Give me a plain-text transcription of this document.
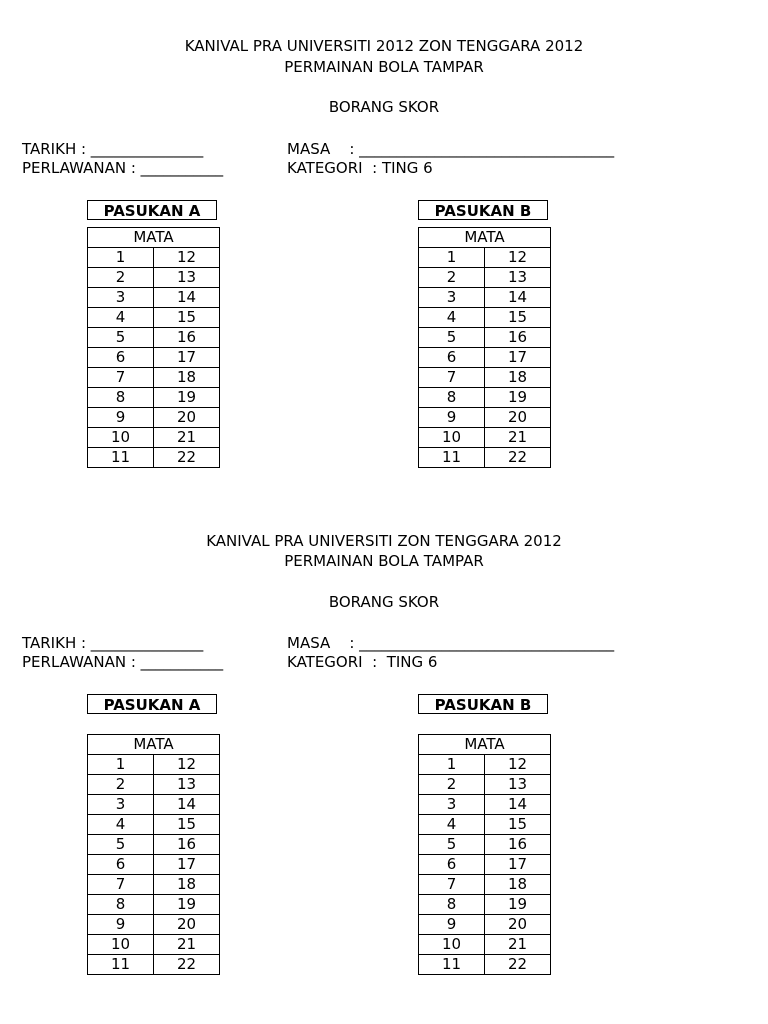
KANIVAL PRA UNIVERSITI 2012 ZON TENGGARA 2012
PERMAINAN BOLA TAMPAR
BORANG SKOR
TARIKH : _______________	MASA    : __________________________________
PERLAWANAN : ___________	KATEGORI  : TING 6
PASUKAN A	PASUKAN B
MATA	
1	12
2	13
3	14
4	15
5	16
6	17
7	18
8	19
9	20
10	21
11	22
MATA	
1	12
2	13
3	14
4	15
5	16
6	17
7	18
8	19
9	20
10	21
11	22
KANIVAL PRA UNIVERSITI ZON TENGGARA 2012
PERMAINAN BOLA TAMPAR
BORANG SKOR
TARIKH : _______________	MASA    : __________________________________
PERLAWANAN : ___________	KATEGORI  :  TING 6
PASUKAN A	PASUKAN B
MATA	
1	12
2	13
3	14
4	15
5	16
6	17
7	18
8	19
9	20
10	21
11	22
MATA	
1	12
2	13
3	14
4	15
5	16
6	17
7	18
8	19
9	20
10	21
11	22
